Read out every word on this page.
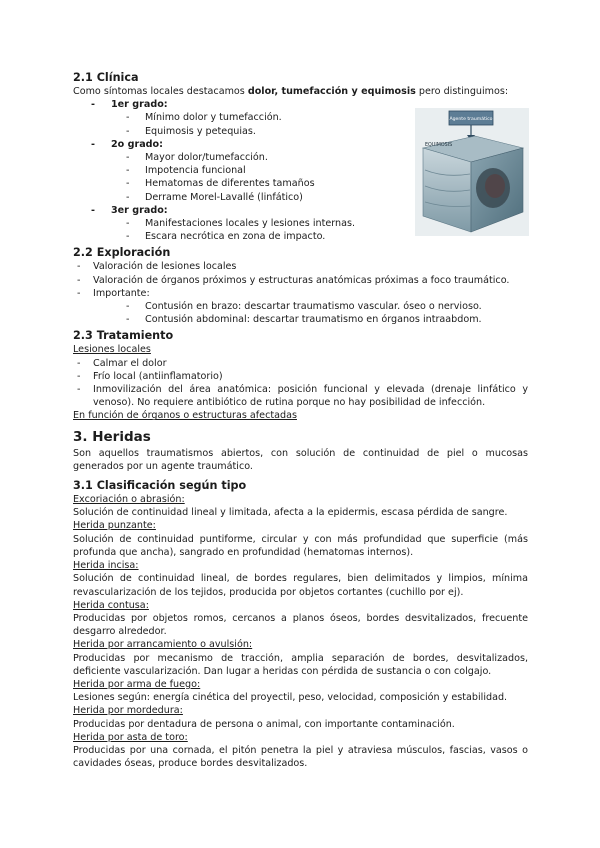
Agente traumático
EQUIMOSIS
2.1 Clínica

Como síntomas locales destacamos dolor, tumefacción y equimosis pero distinguimos:

- 1er grado:
- Mínimo dolor y tumefacción.
- Equimosis y petequias.
- 2o grado:
- Mayor dolor/tumefacción.
- Impotencia funcional
- Hematomas de diferentes tamaños
- Derrame Morel-Lavallé (linfático)
- 3er grado:
- Manifestaciones locales y lesiones internas.
- Escara necrótica en zona de impacto.
2.2 Exploración
- Valoración de lesiones locales
- Valoración de órganos próximos y estructuras anatómicas próximas a foco traumático.
- Importante:
- Contusión en brazo: descartar traumatismo vascular. óseo o nervioso.
- Contusión abdominal: descartar traumatismo en órganos intraabdom.
2.3 Tratamiento

Lesiones locales

- Calmar el dolor
- Frío local (antiinflamatorio)
- Inmovilización del área anatómica: posición funcional y elevada (drenaje linfático y venoso). No requiere antibiótico de rutina porque no hay posibilidad de infección.

En función de órganos o estructuras afectadas

3. Heridas

Son aquellos traumatismos abiertos, con solución de continuidad de piel o mucosas generados por un agente traumático.

3.1 Clasificación según tipo

Excoriación o abrasión:

Solución de continuidad lineal y limitada, afecta a la epidermis, escasa pérdida de sangre.

Herida punzante:

Solución de continuidad puntiforme, circular y con más profundidad que superficie (más profunda que ancha), sangrado en profundidad (hematomas internos).

Herida incisa:

Solución de continuidad lineal, de bordes regulares, bien delimitados y limpios, mínima revascularización de los tejidos, producida por objetos cortantes (cuchillo por ej).

Herida contusa:

Producidas por objetos romos, cercanos a planos óseos, bordes desvitalizados, frecuente desgarro alrededor.

Herida por arrancamiento o avulsión:

Producidas por mecanismo de tracción, amplia separación de bordes, desvitalizados, deficiente vascularización. Dan lugar a heridas con pérdida de sustancia o con colgajo.

Herida por arma de fuego:

Lesiones según: energía cinética del proyectil, peso, velocidad, composición y estabilidad.

Herida por mordedura:

Producidas por dentadura de persona o animal, con importante contaminación.

Herida por asta de toro:

Producidas por una cornada, el pitón penetra la piel y atraviesa músculos, fascias, vasos o cavidades óseas, produce bordes desvitalizados.
